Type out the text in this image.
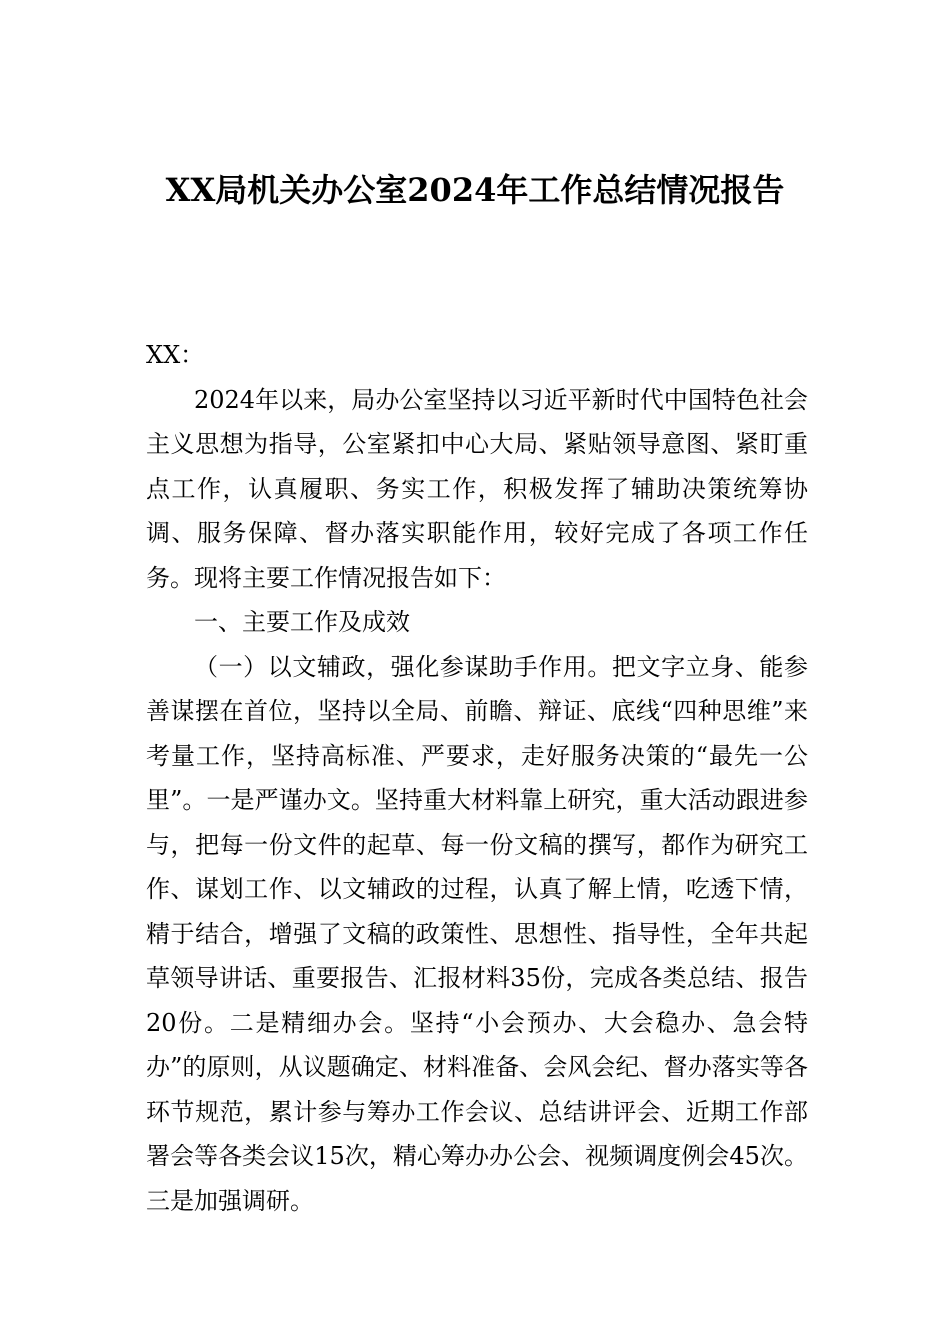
XX局机关办公室2024年工作总结情况报告

XX：

2024年以来，局办公室坚持以习近平新时代中国特色社会主义思想为指导，公室紧扣中心大局、紧贴领导意图、紧盯重点工作，认真履职、务实工作，积极发挥了辅助决策统筹协调、服务保障、督办落实职能作用，较好完成了各项工作任务。现将主要工作情况报告如下：

一、主要工作及成效

（一）以文辅政，强化参谋助手作用。把文字立身、能参善谋摆在首位，坚持以全局、前瞻、辩证、底线“四种思维”来考量工作，坚持高标准、严要求，走好服务决策的“最先一公里”。一是严谨办文。坚持重大材料靠上研究，重大活动跟进参与，把每一份文件的起草、每一份文稿的撰写，都作为研究工作、谋划工作、以文辅政的过程，认真了解上情，吃透下情，精于结合，增强了文稿的政策性、思想性、指导性，全年共起草领导讲话、重要报告、汇报材料35份，完成各类总结、报告20份。二是精细办会。坚持“小会预办、大会稳办、急会特办”的原则，从议题确定、材料准备、会风会纪、督办落实等各环节规范，累计参与筹办工作会议、总结讲评会、近期工作部署会等各类会议15次，精心筹办办公会、视频调度例会45次。三是加强调研。
